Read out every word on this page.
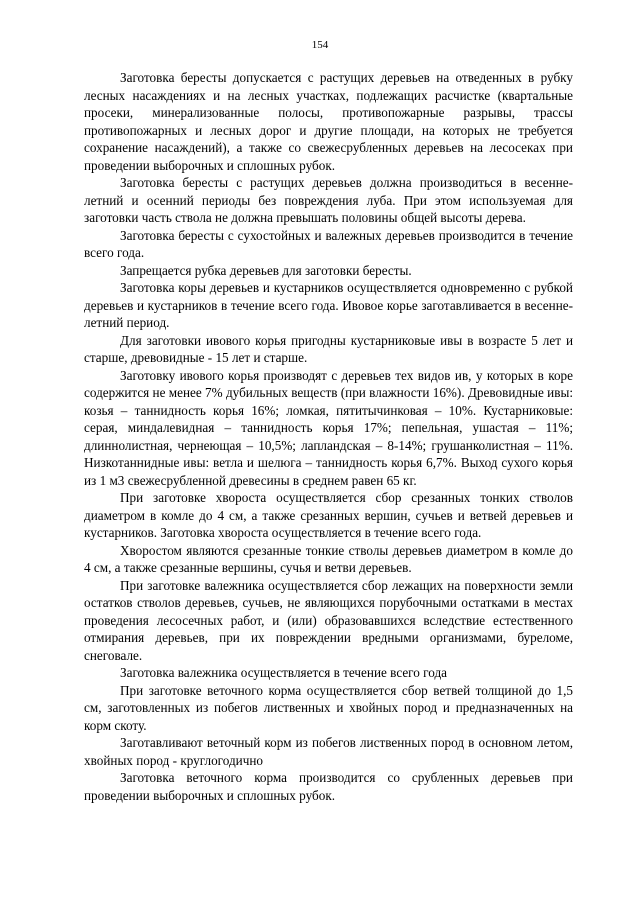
154

Заготовка бересты допускается с растущих деревьев на отведенных в рубку лесных насаждениях и на лесных участках, подлежащих расчистке (квартальные просеки, минерализованные полосы, противопожарные разрывы, трассы противопожарных и лесных дорог и другие площади, на которых не требуется сохранение насаждений), а также со свежесрубленных деревьев на лесосеках при проведении выборочных и сплошных рубок.

Заготовка бересты с растущих деревьев должна производиться в весенне-летний и осенний периоды без повреждения луба. При этом используемая для заготовки часть ствола не должна превышать половины общей высоты дерева.

Заготовка бересты с сухостойных и валежных деревьев производится в течение всего года.

Запрещается рубка деревьев для заготовки бересты.

Заготовка коры деревьев и кустарников осуществляется одновременно с рубкой деревьев и кустарников в течение всего года. Ивовое корье заготавливается в весенне-летний период.

Для заготовки ивового корья пригодны кустарниковые ивы в возрасте 5 лет и старше, древовидные - 15 лет и старше.

Заготовку ивового корья производят с деревьев тех видов ив, у которых в коре содержится не менее 7% дубильных веществ (при влажности 16%). Древовидные ивы: козья – таннидность корья 16%; ломкая, пятитычинковая – 10%. Кустарниковые: серая, миндалевидная – таннидность корья 17%; пепельная, ушастая – 11%; длиннолистная, чернеющая – 10,5%; лапландская – 8-14%; грушанколистная – 11%. Низкотаннидные ивы: ветла и шелюга – таннидность корья 6,7%. Выход сухого корья из 1 м3 свежесрубленной древесины в среднем равен 65 кг.

При заготовке хвороста осуществляется сбор срезанных тонких стволов диаметром в комле до 4 см, а также срезанных вершин, сучьев и ветвей деревьев и кустарников. Заготовка хвороста осуществляется в течение всего года.

Хворостом являются срезанные тонкие стволы деревьев диаметром в комле до 4 см, а также срезанные вершины, сучья и ветви деревьев.

При заготовке валежника осуществляется сбор лежащих на поверхности земли остатков стволов деревьев, сучьев, не являющихся порубочными остатками в местах проведения лесосечных работ, и (или) образовавшихся вследствие естественного отмирания деревьев, при их повреждении вредными организмами, буреломе, снеговале.

Заготовка валежника осуществляется в течение всего года

При заготовке веточного корма осуществляется сбор ветвей толщиной до 1,5 см, заготовленных из побегов лиственных и хвойных пород и предназначенных на корм скоту.

Заготавливают веточный корм из побегов лиственных пород в основном летом, хвойных пород - круглогодично

Заготовка веточного корма производится со срубленных деревьев при проведении выборочных и сплошных рубок.
